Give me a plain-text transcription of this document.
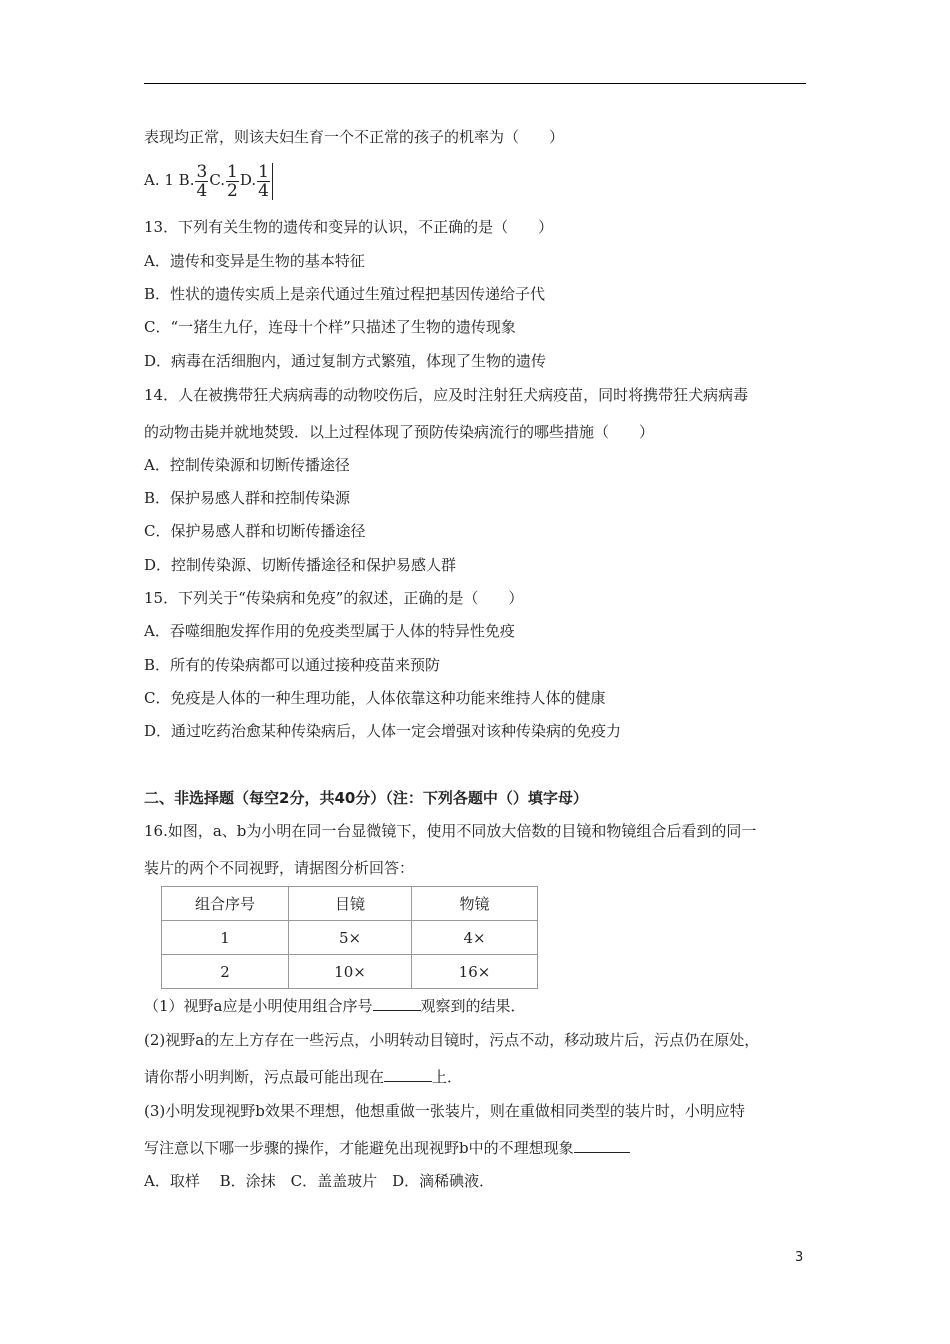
表现均正常，则该夫妇生育一个不正常的孩子的机率为（　　）
A. 1 B. $\frac{3}{4} C$. $\frac{1}{2} D$. $\frac{1}{4}$
13．下列有关生物的遗传和变异的认识，不正确的是（　　）
A．遗传和变异是生物的基本特征
B．性状的遗传实质上是亲代通过生殖过程把基因传递给子代
C．“一猪生九仔，连母十个样”只描述了生物的遗传现象
D．病毒在活细胞内，通过复制方式繁殖，体现了生物的遗传
14．人在被携带狂犬病病毒的动物咬伤后，应及时注射狂犬病疫苗，同时将携带狂犬病病毒
的动物击毙并就地焚毁．以上过程体现了预防传染病流行的哪些措施（　　）
A．控制传染源和切断传播途径
B．保护易感人群和控制传染源
C．保护易感人群和切断传播途径
D．控制传染源、切断传播途径和保护易感人群
15．下列关于“传染病和免疫”的叙述，正确的是（　　）
A．吞噬细胞发挥作用的免疫类型属于人体的特异性免疫
B．所有的传染病都可以通过接种疫苗来预防
C．免疫是人体的一种生理功能，人体依靠这种功能来维持人体的健康
D．通过吃药治愈某种传染病后，人体一定会增强对该种传染病的免疫力
二、非选择题（每空2分，共40分）（注：下列各题中（）填字母）
16.如图，a、b为小明在同一台显微镜下，使用不同放大倍数的目镜和物镜组合后看到的同一
装片的两个不同视野，请据图分析回答：
组合序号	目镜	物镜
1	5×	4×
2	10×	16×
（1）视野a应是小明使用组合序号	观察到的结果．
(2)视野a的左上方存在一些污点，小明转动目镜时，污点不动，移动玻片后，污点仍在原处，
请你帮小明判断，污点最可能出现在	上．
(3)小明发现视野b效果不理想，他想重做一张装片，则在重做相同类型的装片时，小明应特
写注意以下哪一步骤的操作，才能避免出现视野b中的不理想现象
A．取样　 B．涂抹　C．盖盖玻片　D．滴稀碘液．
3
